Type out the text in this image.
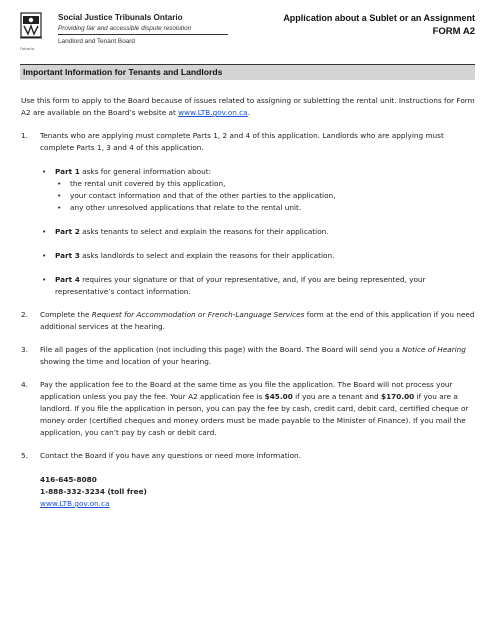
Ontario
Social Justice Tribunals Ontario
Providing fair and accessible dispute resolution
Landlord and Tenant Board
Application about a Sublet or an Assignment
FORM A2
Important Information for Tenants and Landlords

Use this form to apply to the Board because of issues related to assigning or subletting the rental unit. Instructions for Form A2 are available on the Board’s website at www.LTB.gov.on.ca.

1. Tenants who are applying must complete Parts 1, 2 and 4 of this application. Landlords who are applying must complete Parts 1, 3 and 4 of this application.
• Part 1 asks for general information about:
• the rental unit covered by this application,
• your contact information and that of the other parties to the application,
• any other unresolved applications that relate to the rental unit.
• Part 2 asks tenants to select and explain the reasons for their application.
• Part 3 asks landlords to select and explain the reasons for their application.
• Part 4 requires your signature or that of your representative, and, if you are being represented, your representative’s contact information.
2. Complete the Request for Accommodation or French-Language Services form at the end of this application if you need additional services at the hearing.
3. File all pages of the application (not including this page) with the Board. The Board will send you a Notice of Hearing showing the time and location of your hearing.
4. Pay the application fee to the Board at the same time as you file the application. The Board will not process your application unless you pay the fee. Your A2 application fee is $45.00 if you are a tenant and $170.00 if you are a landlord. If you file the application in person, you can pay the fee by cash, credit card, debit card, certified cheque or money order (certified cheques and money orders must be made payable to the Minister of Finance). If you mail the application, you can’t pay by cash or debit card.
5. Contact the Board if you have any questions or need more information.
416-645-8080
1-888-332-3234 (toll free)
www.LTB.gov.on.ca
